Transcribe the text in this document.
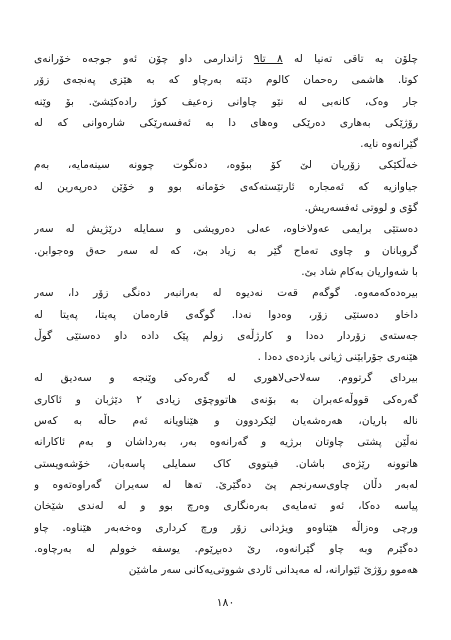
چلۆن بە تاقى تەنيا لە ٨ تا٩ ژاندارمی داو چۆن ئەو جوجەە خۆرانەی
کوتا. هاشمی رەحمان کالوم دێتە بەرچاو کە بە هێزی پەنجەی زۆر
جار وەک، کانەبی لە نێو چاوانی زەعیف کوژ رادەکێشێ. بۆ وێنە
رۆژێکی بەهاری دەرێکی وەهای دا بە ئەفسەرێکی شارەوانی کە لە
گێرانەوە نایە.
خەڵکێکی زۆریان لێ کۆ ببۆوە، دەنگوت چوونە سینەمایە، بەم
جیاوازیە کە ئەمجارە ئارتێستەکەی خۆمانە بوو و خۆێن دەرپەرین لە
گۆی و لووتی ئەفسەریش.
دەستێی برایمی عەولاخاوە، عەلی دەرویشی و سمایلە درێژیش لە سەر
گروبانان و چاوی تەماح گێر بە زیاد بێ، کە لە سەر حەق وەجوابن.
با شەواریان بەکام شاد بێ.
بیرەدەکەمەوە. گوگەم قەت نەدیوە لە بەرانبەر دەنگی زۆر دا، سەر
داخاو دەستێی زۆر، وەدوا نەدا. گوگەی قارەمان پەیتا، پەیتا لە
جەستەی زۆردار دەدا و کارژڵەی زولم پێک دادە داو دەستێی گوڵ
هێنەری جۆرابێنی ژیانی بازدەی دەدا .
بیردای گرتووم. سەلاحی‌لاهوری لە گەرەکی وێنجە و سەدیق لە
گەرەکی قووڵەعەبران بە بۆنەی هاتووچۆی زیادی ٢ دێژبان و ئاکاری
نالە باریان، هەرەشەیان لێکردوون و هێناویانە ئەم حاڵە بە کەس
نەڵێن پشتی چاوتان برژیە و گەرانەوە بەر، بەرداشان و بەم ئاکارانە
هاتوونە رێژەی باشان. فیتووی کاک سمایلی پاسەبان، خۆشەویستی
لەبەر دڵان چاوی‌سەرنجم پێ دەگێرێ. تەها لە سەیران گەراوەتەوە و
پیاسە دەکا، ئەو تەمایەی بەرەنگاری وەرچ بوو و لە لەندی شێخان
ورچی وەزاڵە هێناوەو ویژدانی زۆر ورچ کرداری وەخەبەر هێناوە. چاو
دەگێرم وبە چاو گێرانەوە، رێ دەبڕێوم. یوسفە خوولم لە بەرچاوە.
هەموو رۆژێ ئێوارانە، لە مەیدانی ئاردی شووتی‌یەکانی سەر ماشێن
١٨٠
